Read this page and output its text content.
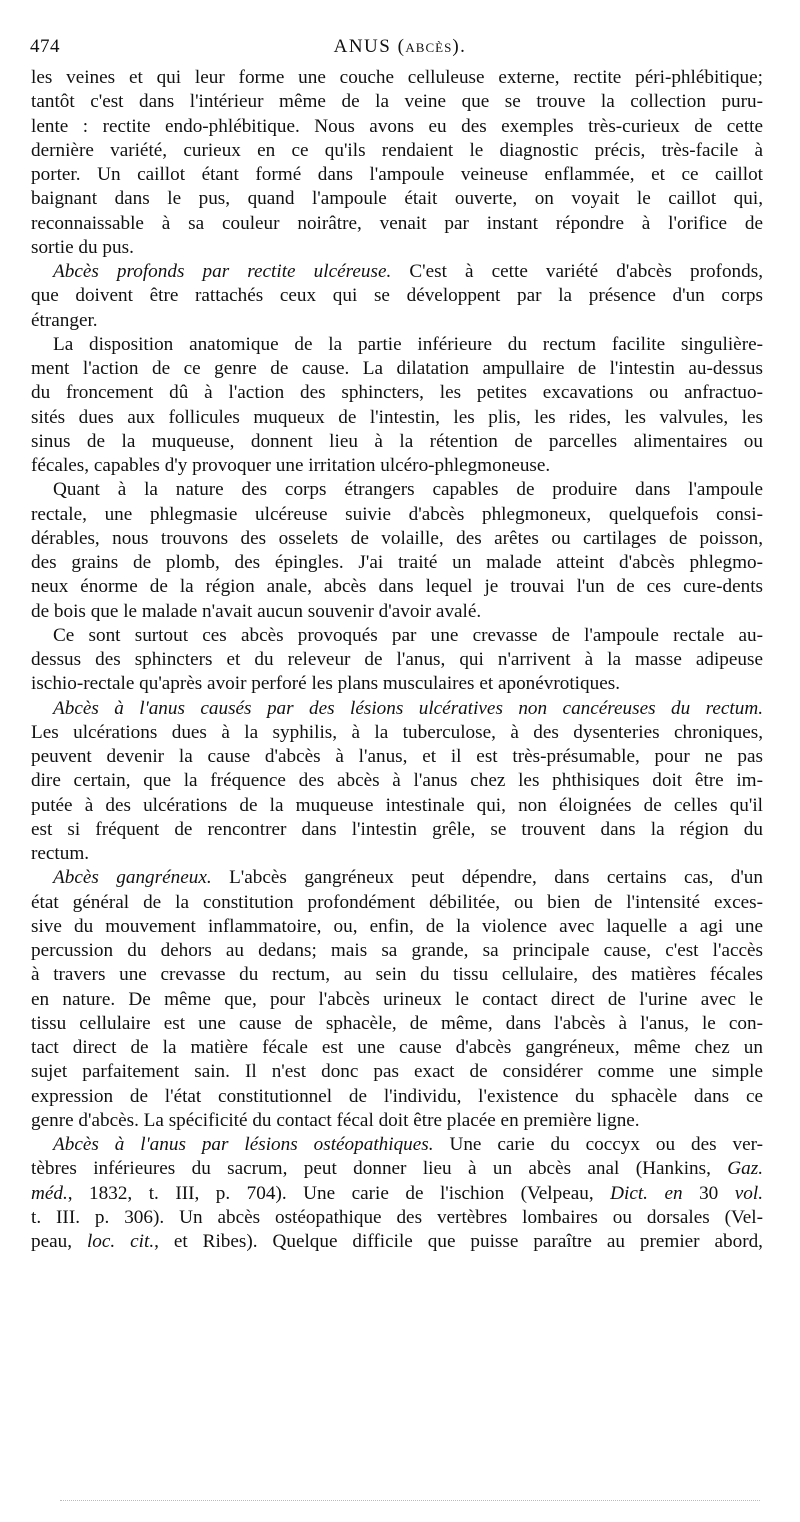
474	ANUS (ABCÈS).
les veines et qui leur forme une couche celluleuse externe, rectite péri-phlébitique;
tantôt c'est dans l'intérieur même de la veine que se trouve la collection puru-
lente : rectite endo-phlébitique. Nous avons eu des exemples très-curieux de cette
dernière variété, curieux en ce qu'ils rendaient le diagnostic précis, très-facile à
porter. Un caillot étant formé dans l'ampoule veineuse enflammée, et ce caillot
baignant dans le pus, quand l'ampoule était ouverte, on voyait le caillot qui,
reconnaissable à sa couleur noirâtre, venait par instant répondre à l'orifice de
sortie du pus.
Abcès profonds par rectite ulcéreuse. C'est à cette variété d'abcès profonds,
que doivent être rattachés ceux qui se développent par la présence d'un corps
étranger.
La disposition anatomique de la partie inférieure du rectum facilite singulière-
ment l'action de ce genre de cause. La dilatation ampullaire de l'intestin au-dessus
du froncement dû à l'action des sphincters, les petites excavations ou anfractuo-
sités dues aux follicules muqueux de l'intestin, les plis, les rides, les valvules, les
sinus de la muqueuse, donnent lieu à la rétention de parcelles alimentaires ou
fécales, capables d'y provoquer une irritation ulcéro-phlegmoneuse.
Quant à la nature des corps étrangers capables de produire dans l'ampoule
rectale, une phlegmasie ulcéreuse suivie d'abcès phlegmoneux, quelquefois consi-
dérables, nous trouvons des osselets de volaille, des arêtes ou cartilages de poisson,
des grains de plomb, des épingles. J'ai traité un malade atteint d'abcès phlegmo-
neux énorme de la région anale, abcès dans lequel je trouvai l'un de ces cure-dents
de bois que le malade n'avait aucun souvenir d'avoir avalé.
Ce sont surtout ces abcès provoqués par une crevasse de l'ampoule rectale au-
dessus des sphincters et du releveur de l'anus, qui n'arrivent à la masse adipeuse
ischio-rectale qu'après avoir perforé les plans musculaires et aponévrotiques.
Abcès à l'anus causés par des lésions ulcératives non cancéreuses du rectum.
Les ulcérations dues à la syphilis, à la tuberculose, à des dysenteries chroniques,
peuvent devenir la cause d'abcès à l'anus, et il est très-présumable, pour ne pas
dire certain, que la fréquence des abcès à l'anus chez les phthisiques doit être im-
putée à des ulcérations de la muqueuse intestinale qui, non éloignées de celles qu'il
est si fréquent de rencontrer dans l'intestin grêle, se trouvent dans la région du
rectum.
Abcès gangréneux. L'abcès gangréneux peut dépendre, dans certains cas, d'un
état général de la constitution profondément débilitée, ou bien de l'intensité exces-
sive du mouvement inflammatoire, ou, enfin, de la violence avec laquelle a agi une
percussion du dehors au dedans; mais sa grande, sa principale cause, c'est l'accès
à travers une crevasse du rectum, au sein du tissu cellulaire, des matières fécales
en nature. De même que, pour l'abcès urineux le contact direct de l'urine avec le
tissu cellulaire est une cause de sphacèle, de même, dans l'abcès à l'anus, le con-
tact direct de la matière fécale est une cause d'abcès gangréneux, même chez un
sujet parfaitement sain. Il n'est donc pas exact de considérer comme une simple
expression de l'état constitutionnel de l'individu, l'existence du sphacèle dans ce
genre d'abcès. La spécificité du contact fécal doit être placée en première ligne.
Abcès à l'anus par lésions ostéopathiques. Une carie du coccyx ou des ver-
tèbres inférieures du sacrum, peut donner lieu à un abcès anal (Hankins, Gaz.
méd., 1832, t. III, p. 704). Une carie de l'ischion (Velpeau, Dict. en 30 vol.
t. III. p. 306). Un abcès ostéopathique des vertèbres lombaires ou dorsales (Vel-
peau, loc. cit., et Ribes). Quelque difficile que puisse paraître au premier abord,
